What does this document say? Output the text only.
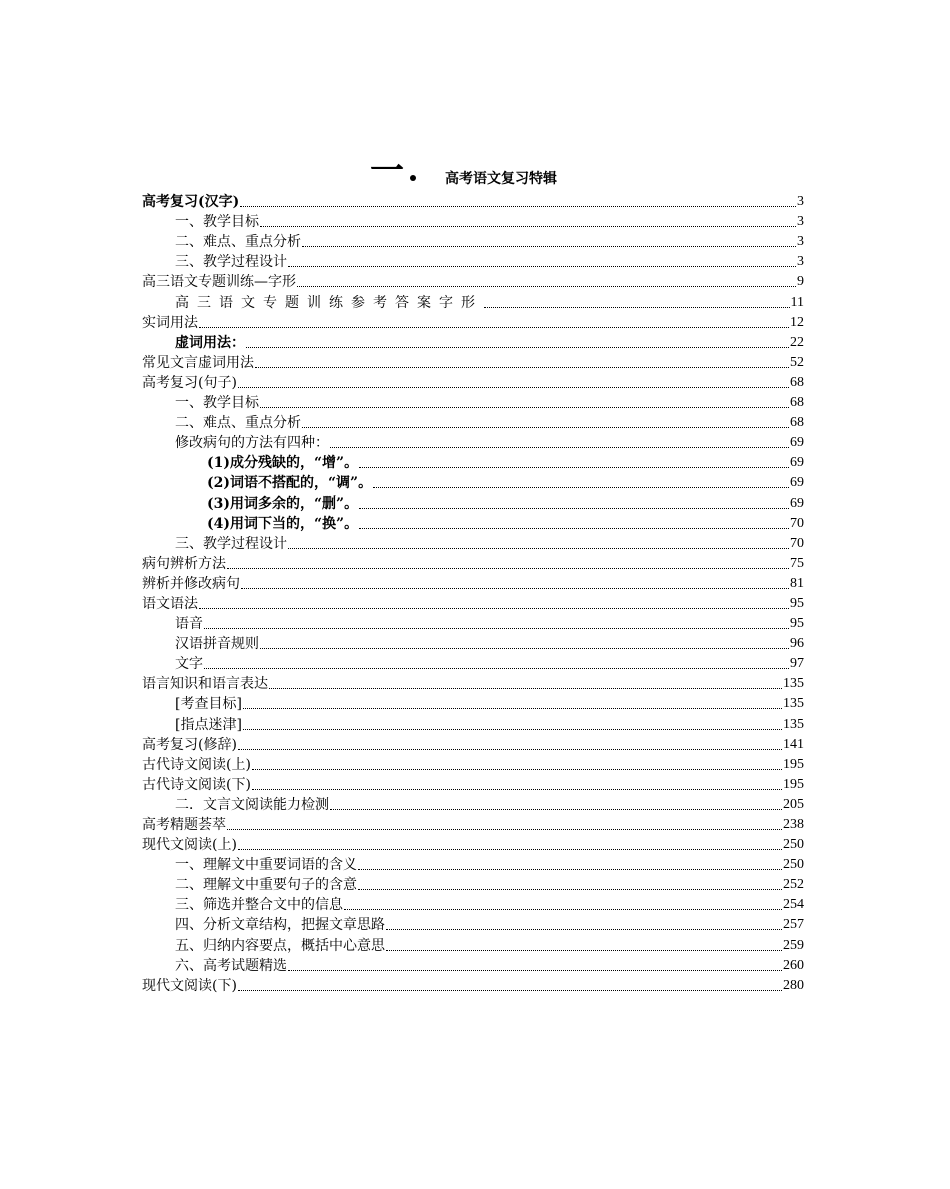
一	高考语文复习特辑
高考复习(汉字)	3
一、教学目标	3
二、难点、重点分析	3
三、教学过程设计	3
高三语文专题训练—字形	9
高三语文专题训练参考答案字形	11
实词用法	12
虚词用法：	22
常见文言虚词用法	52
高考复习(句子)	68
一、教学目标	68
二、难点、重点分析	68
修改病句的方法有四种：	69
(1)成分残缺的，“增”。	69
(2)词语不搭配的，“调”。	69
(3)用词多余的，“删”。	69
(4)用词下当的，“换”。	70
三、教学过程设计	70
病句辨析方法	75
辨析并修改病句	81
语文语法	95
语音	95
汉语拼音规则	96
文字	97
语言知识和语言表达	135
[考查目标]	135
[指点迷津]	135
高考复习(修辞)	141
古代诗文阅读(上)	195
古代诗文阅读(下)	195
二．文言文阅读能力检测	205
高考精题荟萃	238
现代文阅读(上)	250
一、理解文中重要词语的含义	250
二、理解文中重要句子的含意	252
三、筛选并整合文中的信息	254
四、分析文章结构，把握文章思路	257
五、归纳内容要点，概括中心意思	259
六、高考试题精选	260
现代文阅读(下)	280
